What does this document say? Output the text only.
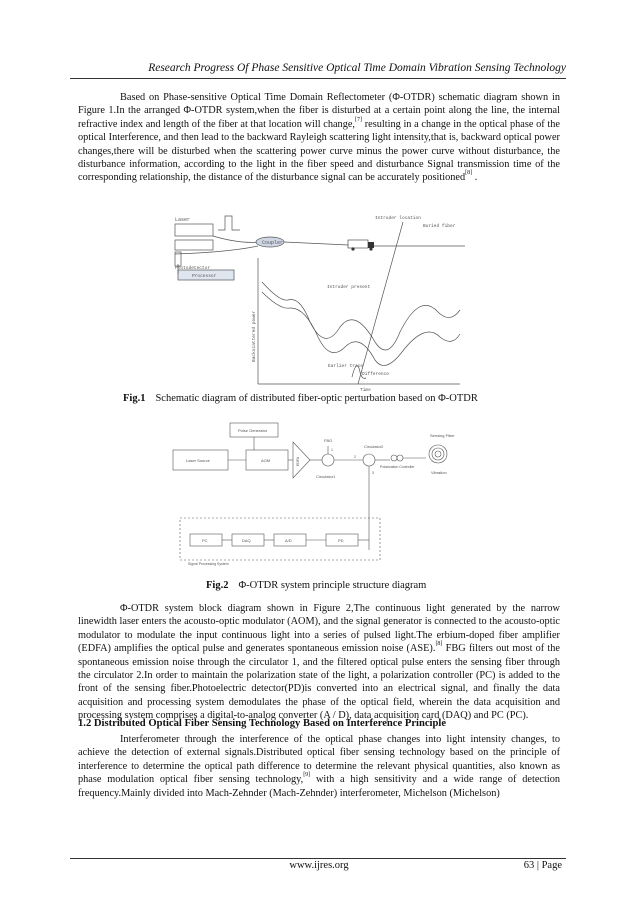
Research Progress Of Phase Sensitive Optical Time Domain Vibration Sensing Technology

Based on Phase-sensitive Optical Time Domain Reflectometer (Φ-OTDR) schematic diagram shown in Figure 1.In the arranged Φ-OTDR system,when the fiber is disturbed at a certain point along the line, the internal refractive index and length of the fiber at that location will change,[7] resulting in a change in the optical phase of the optical Interference, and then lead to the backward Rayleigh scattering light intensity,that is, backward optical power changes,there will be disturbed when the scattering power curve minus the power curve without disturbance, the disturbance information, according to the light in the fiber speed and disturbance Signal transmission time of the corresponding relationship, the distance of the disturbance signal can be accurately positioned[8] .

Laser
Coupler
Photodetector
Processor
Intruder location
Buried fiber
Intruder present
Earlier trace
Difference
Backscattered power
Time
Fig.1 Schematic diagram of distributed fiber-optic perturbation based on Φ-OTDR
Pulse Generator
Laser Source	AOM	EDFA
FBG
Circulator2
Circulator1
Polarization Controller
Sensing Fiber
Vibration
PC	DAQ	A/D	PD
Signal Processing System
1
2
3
Fig.2 Φ-OTDR system principle structure diagram

Φ-OTDR system block diagram shown in Figure 2,The continuous light generated by the narrow linewidth laser enters the acousto-optic modulator (AOM), and the signal generator is connected to the acousto-optic modulator to modulate the input continuous light into a series of pulsed light.The erbium-doped fiber amplifier (EDFA) amplifies the optical pulse and generates spontaneous emission noise (ASE).[8] FBG filters out most of the spontaneous emission noise through the circulator 1, and the filtered optical pulse enters the sensing fiber through the circulator 2.In order to maintain the polarization state of the light, a polarization controller (PC) is added to the front of the sensing fiber.Photoelectric detector(PD)is converted into an electrical signal, and finally the data acquisition and processing system demodulates the phase of the optical field, wherein the data acquisition and processing system comprises a digital-to-analog converter (A / D), data acquisition card (DAQ) and PC (PC).

1.2 Distributed Optical Fiber Sensing Technology Based on Interference Principle

Interferometer through the interference of the optical phase changes into light intensity changes, to achieve the detection of external signals.Distributed optical fiber sensing technology based on the principle of interference to determine the optical path difference to determine the relevant physical quantities, also known as phase modulation optical fiber sensing technology,[9] with a high sensitivity and a wide range of detection frequency.Mainly divided into Mach-Zehnder (Mach-Zehnder) interferometer, Michelson (Michelson)

www.ijres.org	63 | Page
